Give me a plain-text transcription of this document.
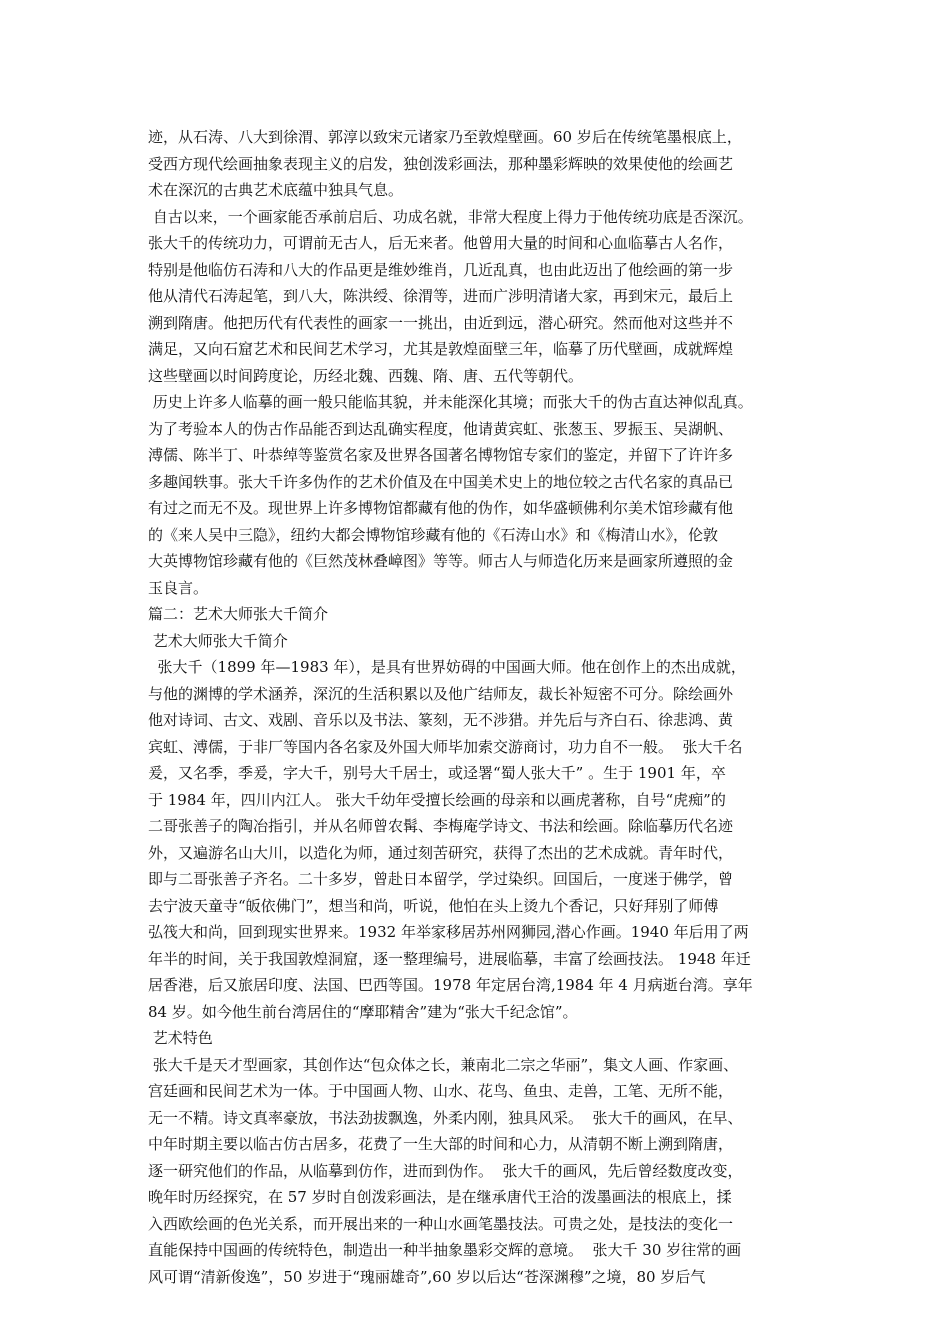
迹，从石涛、八大到徐渭、郭淳以致宋元诸家乃至敦煌壁画。60 岁后在传统笔墨根底上，
受西方现代绘画抽象表现主义的启发，独创泼彩画法，那种墨彩辉映的效果使他的绘画艺
术在深沉的古典艺术底蕴中独具气息。
自古以来，一个画家能否承前启后、功成名就，非常大程度上得力于他传统功底是否深沉。
张大千的传统功力，可谓前无古人，后无来者。他曾用大量的时间和心血临摹古人名作，
特别是他临仿石涛和八大的作品更是维妙维肖，几近乱真，也由此迈出了他绘画的第一步
他从清代石涛起笔，到八大，陈洪绶、徐渭等，进而广涉明清诸大家，再到宋元，最后上
溯到隋唐。他把历代有代表性的画家一一挑出，由近到远，潜心研究。然而他对这些并不
满足，又向石窟艺术和民间艺术学习，尤其是敦煌面壁三年，临摹了历代壁画，成就辉煌
这些壁画以时间跨度论，历经北魏、西魏、隋、唐、五代等朝代。
历史上许多人临摹的画一般只能临其貌，并未能深化其境；而张大千的伪古直达神似乱真。
为了考验本人的伪古作品能否到达乱确实程度，他请黄宾虹、张葱玉、罗振玉、吴湖帆、
溥儒、陈半丁、叶恭绰等鉴赏名家及世界各国著名博物馆专家们的鉴定，并留下了许许多
多趣闻轶事。张大千许多伪作的艺术价值及在中国美术史上的地位较之古代名家的真品已
有过之而无不及。现世界上许多博物馆都藏有他的伪作，如华盛顿佛利尔美术馆珍藏有他
的《来人吴中三隐》，纽约大都会博物馆珍藏有他的《石涛山水》和《梅清山水》，伦敦
大英博物馆珍藏有他的《巨然茂林叠嶂图》等等。师古人与师造化历来是画家所遵照的金
玉良言。
篇二：艺术大师张大千简介
艺术大师张大千简介
张大千（1899 年—1983 年），是具有世界妨碍的中国画大师。他在创作上的杰出成就，
与他的渊博的学术涵养，深沉的生活积累以及他广结师友，裁长补短密不可分。除绘画外
他对诗词、古文、戏剧、音乐以及书法、篆刻，无不涉猎。并先后与齐白石、徐悲鸿、黄
宾虹、溥儒，于非厂等国内各名家及外国大师毕加索交游商讨，功力自不一般。  张大千名
爰，又名季，季爰，字大千，别号大千居士，或迳署“蜀人张大千” 。生于 1901 年，卒
于 1984 年，四川内江人。 张大千幼年受擅长绘画的母亲和以画虎著称，自号“虎痴”的
二哥张善子的陶冶指引，并从名师曾农髯、李梅庵学诗文、书法和绘画。除临摹历代名迹
外，又遍游名山大川，以造化为师，通过刻苦研究，获得了杰出的艺术成就。青年时代，
即与二哥张善子齐名。二十多岁，曾赴日本留学，学过染织。回国后，一度迷于佛学，曾
去宁波天童寺“皈依佛门”，想当和尚，听说，他怕在头上烫九个香记，只好拜别了师傅
弘筏大和尚，回到现实世界来。1932 年举家移居苏州网狮园,潜心作画。1940 年后用了两
年半的时间，关于我国敦煌洞窟，逐一整理编号，进展临摹，丰富了绘画技法。 1948 年迁
居香港，后又旅居印度、法国、巴西等国。1978 年定居台湾,1984 年 4 月病逝台湾。享年
84 岁。如今他生前台湾居住的“摩耶精舍”建为“张大千纪念馆”。
艺术特色
张大千是天才型画家，其创作达“包众体之长，兼南北二宗之华丽”，集文人画、作家画、
宫廷画和民间艺术为一体。于中国画人物、山水、花鸟、鱼虫、走兽，工笔、无所不能，
无一不精。诗文真率豪放，书法劲拔飘逸，外柔内刚，独具风采。  张大千的画风，在早、
中年时期主要以临古仿古居多，花费了一生大部的时间和心力，从清朝不断上溯到隋唐，
逐一研究他们的作品，从临摹到仿作，进而到伪作。  张大千的画风，先后曾经数度改变，
晚年时历经探究，在 57 岁时自创泼彩画法，是在继承唐代王洽的泼墨画法的根底上，揉
入西欧绘画的色光关系，而开展出来的一种山水画笔墨技法。可贵之处，是技法的变化一
直能保持中国画的传统特色，制造出一种半抽象墨彩交辉的意境。  张大千 30 岁往常的画
风可谓“清新俊逸”，50 岁进于“瑰丽雄奇”,60 岁以后达“苍深渊穆”之境，80 岁后气
